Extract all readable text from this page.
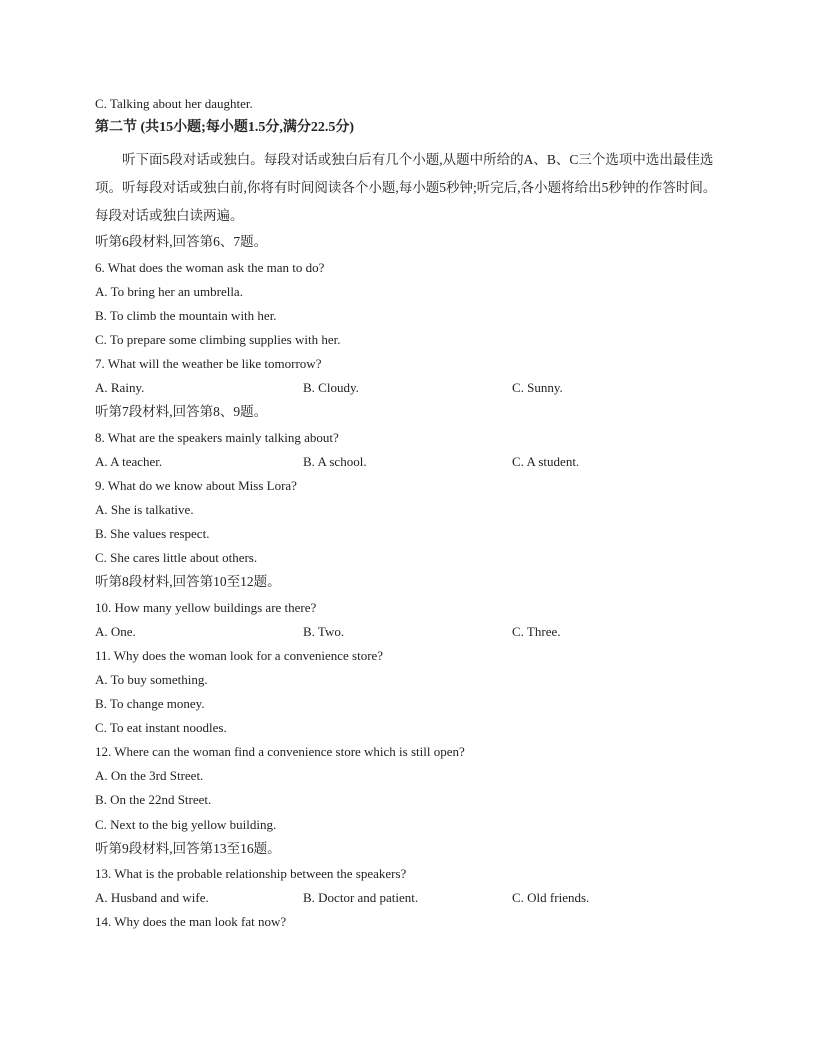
C. Talking about her daughter.
第二节 (共15小题;每小题1.5分,满分22.5分)
听下面5段对话或独白。每段对话或独白后有几个小题,从题中所给的A、B、C三个选项中选出最佳选项。听每段对话或独白前,你将有时间阅读各个小题,每小题5秒钟;听完后,各小题将给出5秒钟的作答时间。每段对话或独白读两遍。
听第6段材料,回答第6、7题。
6. What does the woman ask the man to do?
A. To bring her an umbrella.
B. To climb the mountain with her.
C. To prepare some climbing supplies with her.
7. What will the weather be like tomorrow?
A. Rainy.	B. Cloudy.	C. Sunny.
听第7段材料,回答第8、9题。
8. What are the speakers mainly talking about?
A. A teacher.	B. A school.	C. A student.
9. What do we know about Miss Lora?
A. She is talkative.
B. She values respect.
C. She cares little about others.
听第8段材料,回答第10至12题。
10. How many yellow buildings are there?
A. One.	B. Two.	C. Three.
11. Why does the woman look for a convenience store?
A. To buy something.
B. To change money.
C. To eat instant noodles.
12. Where can the woman find a convenience store which is still open?
A. On the 3rd Street.
B. On the 22nd Street.
C. Next to the big yellow building.
听第9段材料,回答第13至16题。
13. What is the probable relationship between the speakers?
A. Husband and wife.	B. Doctor and patient.	C. Old friends.
14. Why does the man look fat now?
